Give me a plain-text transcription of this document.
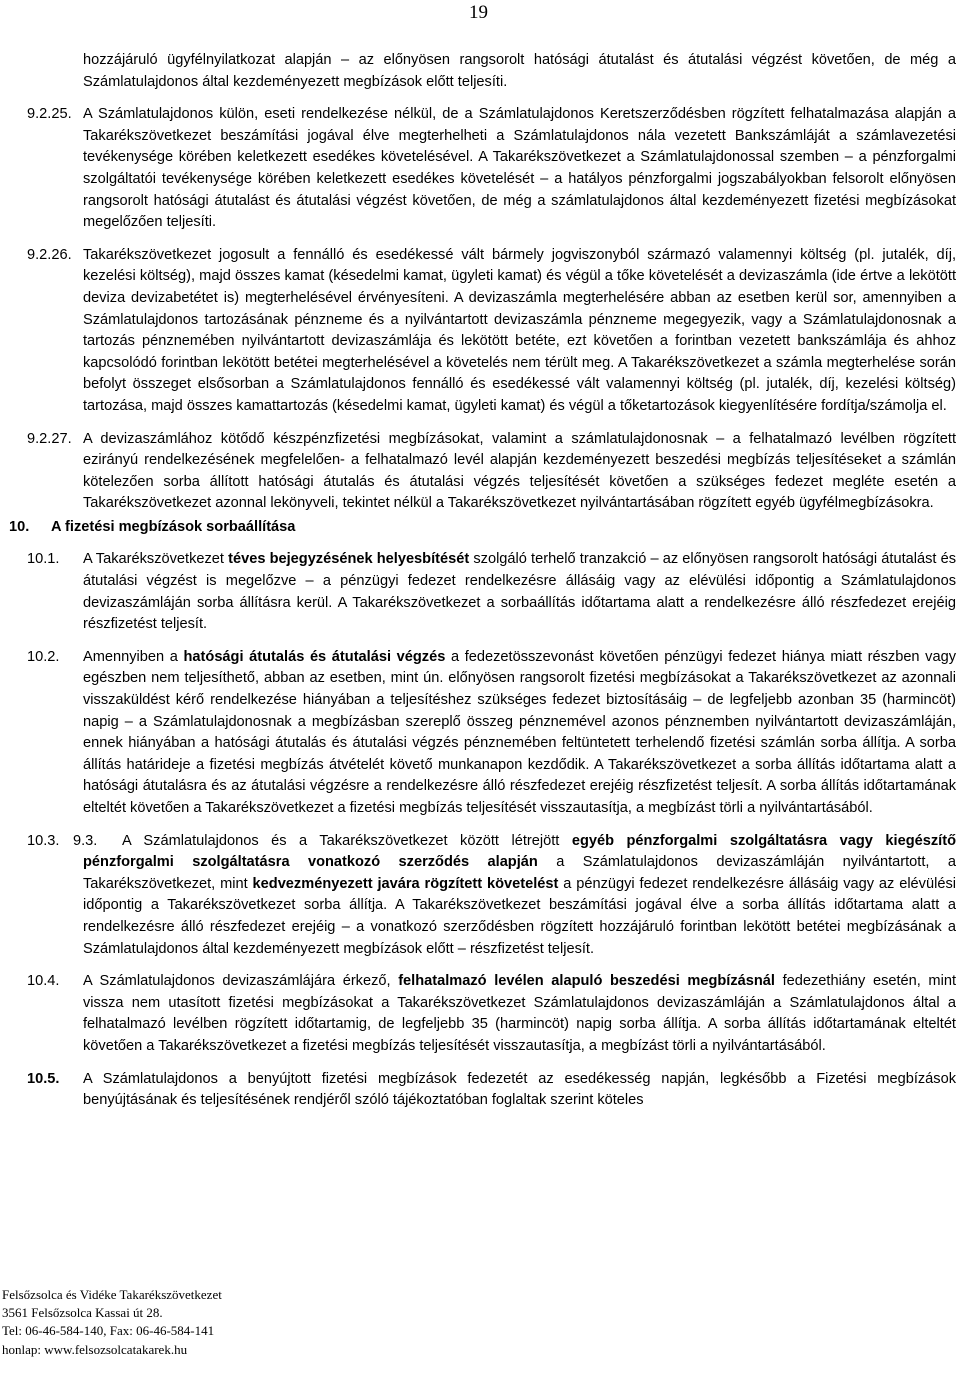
19

hozzájáruló ügyfélnyilatkozat alapján – az előnyösen rangsorolt hatósági átutalást és átutalási végzést követően, de még a Számlatulajdonos által kezdeményezett megbízások előtt teljesíti.

9.2.25. A Számlatulajdonos külön, eseti rendelkezése nélkül, de a Számlatulajdonos Keretszerződésben rögzített felhatalmazása alapján a Takarékszövetkezet beszámítási jogával élve megterhelheti a Számlatulajdonos nála vezetett Bankszámláját a számlavezetési tevékenysége körében keletkezett esedékes követelésével. A Takarékszövetkezet a Számlatulajdonossal szemben – a pénzforgalmi szolgáltatói tevékenysége körében keletkezett esedékes követelését – a hatályos pénzforgalmi jogszabályokban felsorolt előnyösen rangsorolt hatósági átutalást és átutalási végzést követően, de még a számlatulajdonos által kezdeményezett fizetési megbízásokat megelőzően teljesíti.

9.2.26. Takarékszövetkezet jogosult a fennálló és esedékessé vált bármely jogviszonyból származó valamennyi költség (pl. jutalék, díj, kezelési költség), majd összes kamat (késedelmi kamat, ügyleti kamat) és végül a tőke követelését a devizaszámla (ide értve a lekötött deviza devizabetétet is) megterhelésével érvényesíteni. A devizaszámla megterhelésére abban az esetben kerül sor, amennyiben a Számlatulajdonos tartozásának pénzneme és a nyilvántartott devizaszámla pénzneme megegyezik, vagy a Számlatulajdonosnak a tartozás pénznemében nyilvántartott devizaszámlája és lekötött betéte, ezt követően a forintban vezetett bankszámlája és ahhoz kapcsolódó forintban lekötött betétei megterhelésével a követelés nem térült meg. A Takarékszövetkezet a számla megterhelése során befolyt összeget elsősorban a Számlatulajdonos fennálló és esedékessé vált valamennyi költség (pl. jutalék, díj, kezelési költség) tartozása, majd összes kamattartozás (késedelmi kamat, ügyleti kamat) és végül a tőketartozások kiegyenlítésére fordítja/számolja el.

9.2.27. A devizaszámlához kötődő készpénzfizetési megbízásokat, valamint a számlatulajdonosnak – a felhatalmazó levélben rögzített ezirányú rendelkezésének megfelelően- a felhatalmazó levél alapján kezdeményezett beszedési megbízás teljesítéseket a számlán kötelezően sorba állított hatósági átutalás és átutalási végzés teljesítését követően a szükséges fedezet megléte esetén a Takarékszövetkezet azonnal lekönyveli, tekintet nélkül a Takarékszövetkezet nyilvántartásában rögzített egyéb ügyfélmegbízásokra.

10. A fizetési megbízások sorbaállítása

10.1. A Takarékszövetkezet téves bejegyzésének helyesbítését szolgáló terhelő tranzakció – az előnyösen rangsorolt hatósági átutalást és átutalási végzést is megelőzve – a pénzügyi fedezet rendelkezésre állásáig vagy az elévülési időpontig a Számlatulajdonos devizaszámláján sorba állításra kerül. A Takarékszövetkezet a sorbaállítás időtartama alatt a rendelkezésre álló részfedezet erejéig részfizetést teljesít.

10.2. Amennyiben a hatósági átutalás és átutalási végzés a fedezetösszevonást követően pénzügyi fedezet hiánya miatt részben vagy egészben nem teljesíthető, abban az esetben, mint ún. előnyösen rangsorolt fizetési megbízásokat a Takarékszövetkezet az azonnali visszaküldést kérő rendelkezése hiányában a teljesítéshez szükséges fedezet biztosításáig – de legfeljebb azonban 35 (harmincöt) napig – a Számlatulajdonosnak a megbízásban szereplő összeg pénznemével azonos pénznemben nyilvántartott devizaszámláján, ennek hiányában a hatósági átutalás és átutalási végzés pénznemében feltüntetett terhelendő fizetési számlán sorba állítja. A sorba állítás határideje a fizetési megbízás átvételét követő munkanapon kezdődik. A Takarékszövetkezet a sorba állítás időtartama alatt a hatósági átutalásra és az átutalási végzésre a rendelkezésre álló részfedezet erejéig részfizetést teljesít. A sorba állítás időtartamának elteltét követően a Takarékszövetkezet a fizetési megbízás teljesítését visszautasítja, a megbízást törli a nyilvántartásából.

10.3. 9.3. A Számlatulajdonos és a Takarékszövetkezet között létrejött egyéb pénzforgalmi szolgáltatásra vagy kiegészítő pénzforgalmi szolgáltatásra vonatkozó szerződés alapján a Számlatulajdonos devizaszámláján nyilvántartott, a Takarékszövetkezet, mint kedvezményezett javára rögzített követelést a pénzügyi fedezet rendelkezésre állásáig vagy az elévülési időpontig a Takarékszövetkezet sorba állítja. A Takarékszövetkezet beszámítási jogával élve a sorba állítás időtartama alatt a rendelkezésre álló részfedezet erejéig – a vonatkozó szerződésben rögzített hozzájáruló forintban lekötött betétei megbízásának a Számlatulajdonos által kezdeményezett megbízások előtt – részfizetést teljesít.

10.4. A Számlatulajdonos devizaszámlájára érkező, felhatalmazó levélen alapuló beszedési megbízásnál fedezethiány esetén, mint vissza nem utasított fizetési megbízásokat a Takarékszövetkezet Számlatulajdonos devizaszámláján a Számlatulajdonos által a felhatalmazó levélben rögzített időtartamig, de legfeljebb 35 (harmincöt) napig sorba állítja. A sorba állítás időtartamának elteltét követően a Takarékszövetkezet a fizetési megbízás teljesítését visszautasítja, a megbízást törli a nyilvántartásából.

10.5. A Számlatulajdonos a benyújtott fizetési megbízások fedezetét az esedékesség napján, legkésőbb a Fizetési megbízások benyújtásának és teljesítésének rendjéről szóló tájékoztatóban foglaltak szerint köteles

Felsőzsolca és Vidéke Takarékszövetkezet
3561 Felsőzsolca Kassai út 28.
Tel: 06-46-584-140, Fax: 06-46-584-141
honlap: www.felsozsolcatakarek.hu
